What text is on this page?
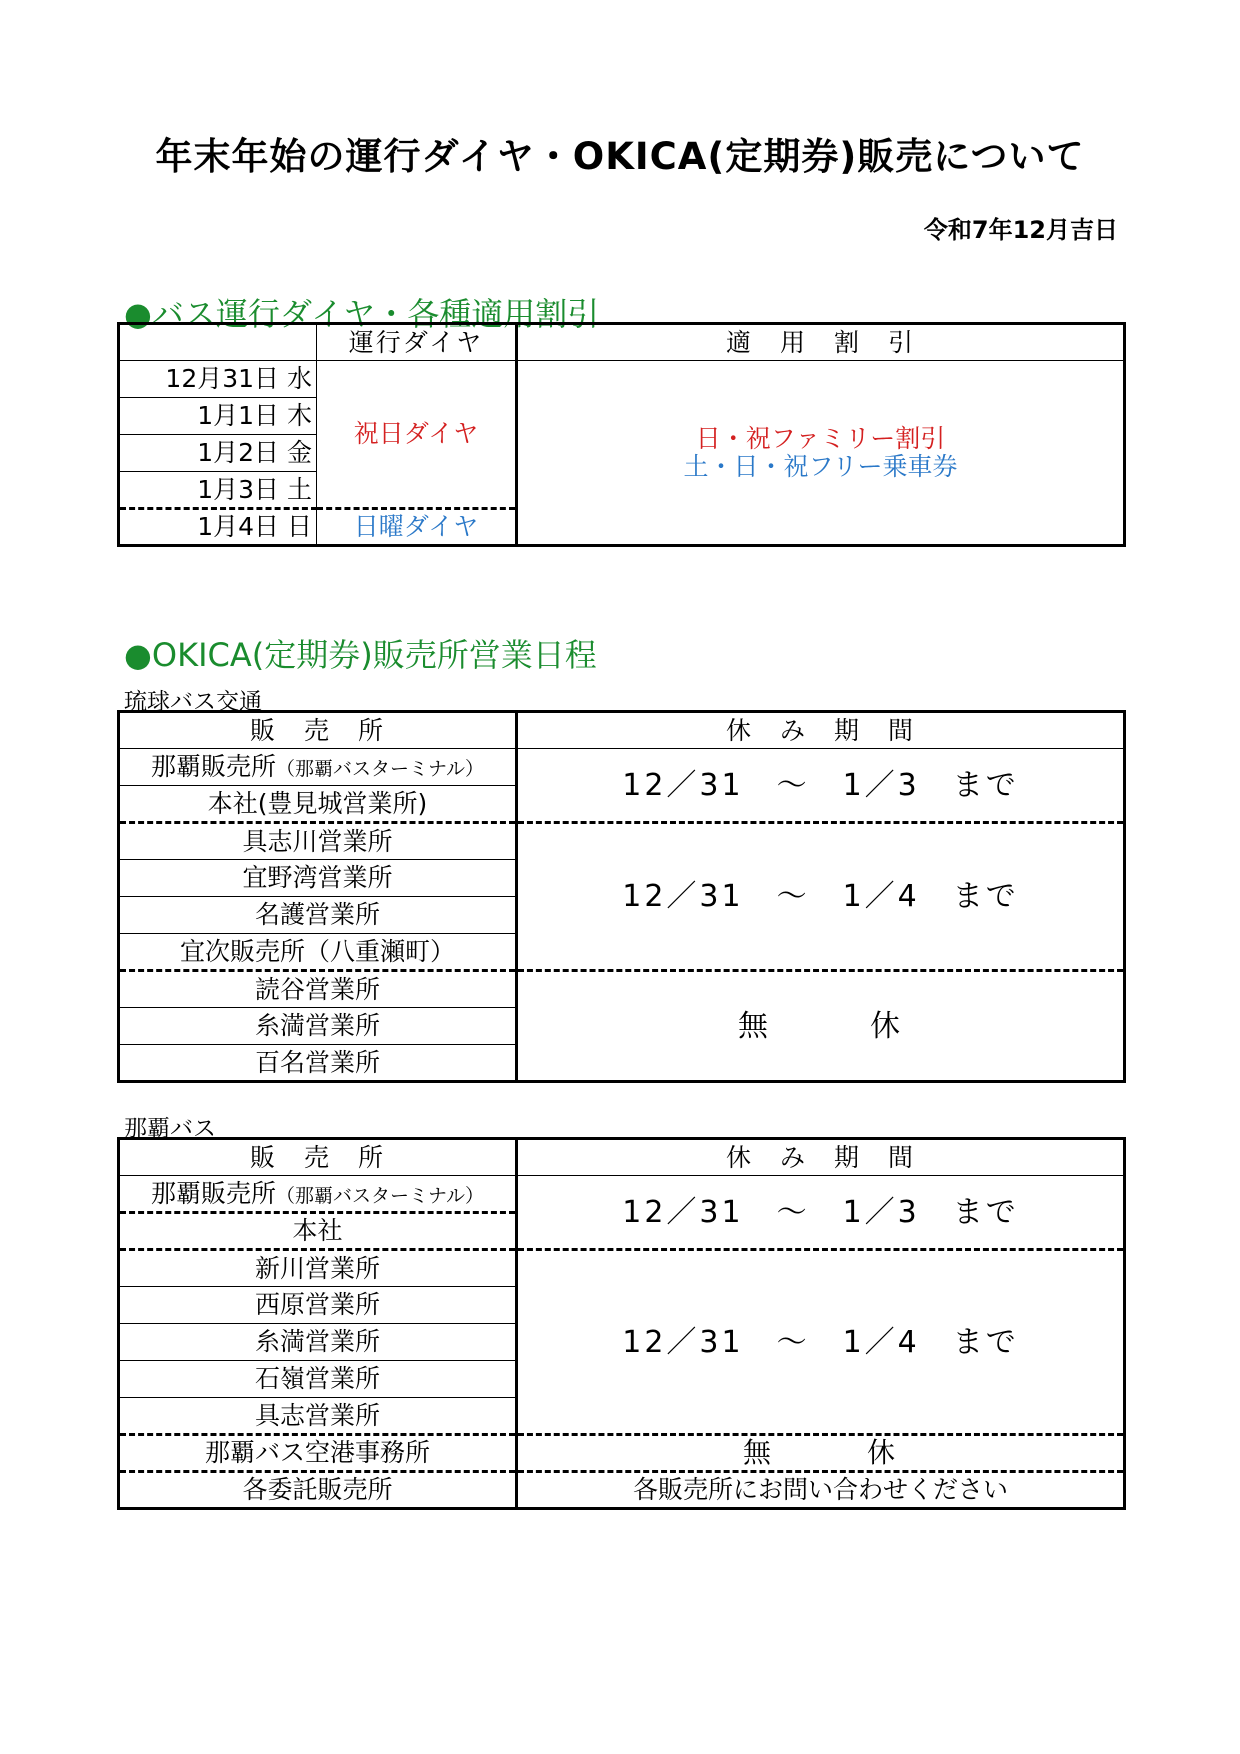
年末年始の運行ダイヤ・OKICA(定期券)販売について
令和7年12月吉日
●バス運行ダイヤ・各種適用割引
	運行ダイヤ	適　用　割　引
12月31日 水	祝日ダイヤ	日・祝ファミリー割引
土・日・祝フリー乗車券

1月1日 木		
1月2日 金		
1月3日 土		
1月4日 日	日曜ダイヤ	
●OKICA(定期券)販売所営業日程
琉球バス交通
販　売　所	休　み　期　間
那覇販売所（那覇バスターミナル）	12／31　～　1／3　まで
本社(豊見城営業所)	
具志川営業所	12／31　～　1／4　まで
宜野湾営業所	
名護営業所	
宜次販売所（八重瀬町）	
読谷営業所	無　　　休
糸満営業所	
百名営業所	
那覇バス
販　売　所	休　み　期　間
那覇販売所（那覇バスターミナル）	12／31　～　1／3　まで
本社	
新川営業所	12／31　～　1／4　まで
西原営業所	
糸満営業所	
石嶺営業所	
具志営業所	
那覇バス空港事務所	無　　　休
各委託販売所	各販売所にお問い合わせください
